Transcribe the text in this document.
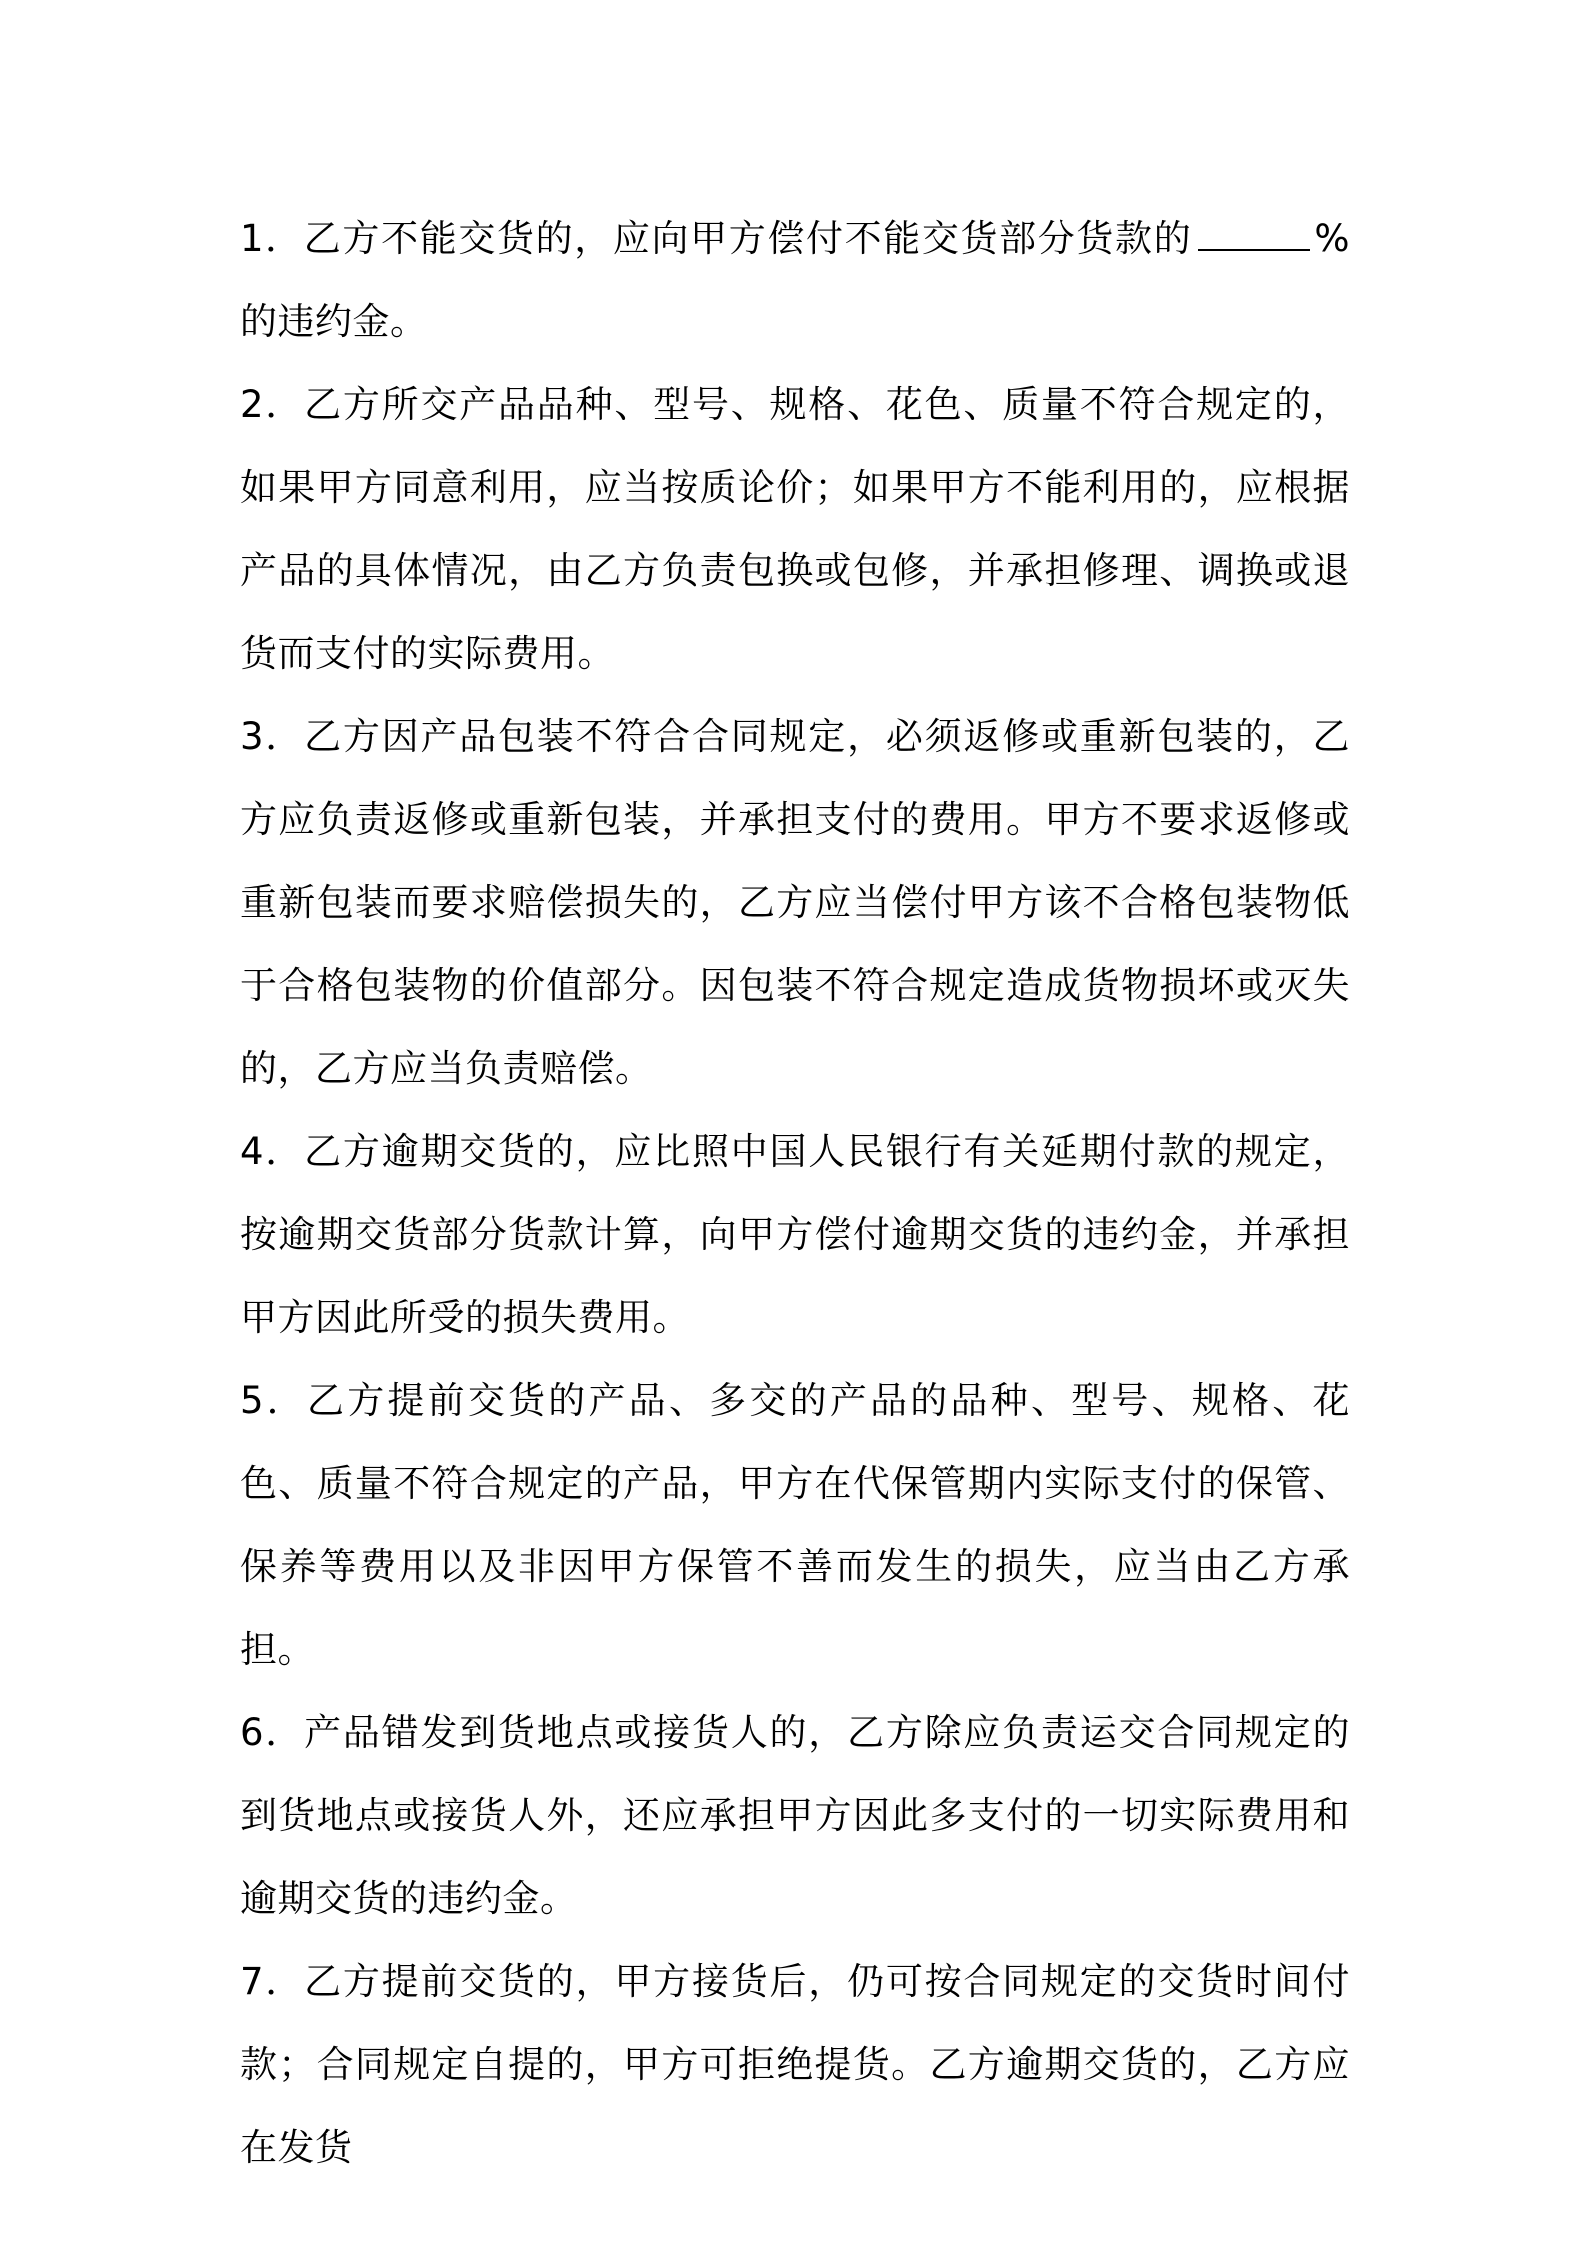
1．乙方不能交货的，应向甲方偿付不能交货部分货款的	%的违约金。

2．乙方所交产品品种、型号、规格、花色、质量不符合规定的，如果甲方同意利用，应当按质论价；如果甲方不能利用的，应根据产品的具体情况，由乙方负责包换或包修，并承担修理、调换或退货而支付的实际费用。

3．乙方因产品包装不符合合同规定，必须返修或重新包装的，乙方应负责返修或重新包装，并承担支付的费用。甲方不要求返修或重新包装而要求赔偿损失的，乙方应当偿付甲方该不合格包装物低于合格包装物的价值部分。因包装不符合规定造成货物损坏或灭失的，乙方应当负责赔偿。

4．乙方逾期交货的，应比照中国人民银行有关延期付款的规定，按逾期交货部分货款计算，向甲方偿付逾期交货的违约金，并承担甲方因此所受的损失费用。

5．乙方提前交货的产品、多交的产品的品种、型号、规格、花色、质量不符合规定的产品，甲方在代保管期内实际支付的保管、保养等费用以及非因甲方保管不善而发生的损失，应当由乙方承担。

6．产品错发到货地点或接货人的，乙方除应负责运交合同规定的到货地点或接货人外，还应承担甲方因此多支付的一切实际费用和逾期交货的违约金。

7．乙方提前交货的，甲方接货后，仍可按合同规定的交货时间付款；合同规定自提的，甲方可拒绝提货。乙方逾期交货的，乙方应在发货
